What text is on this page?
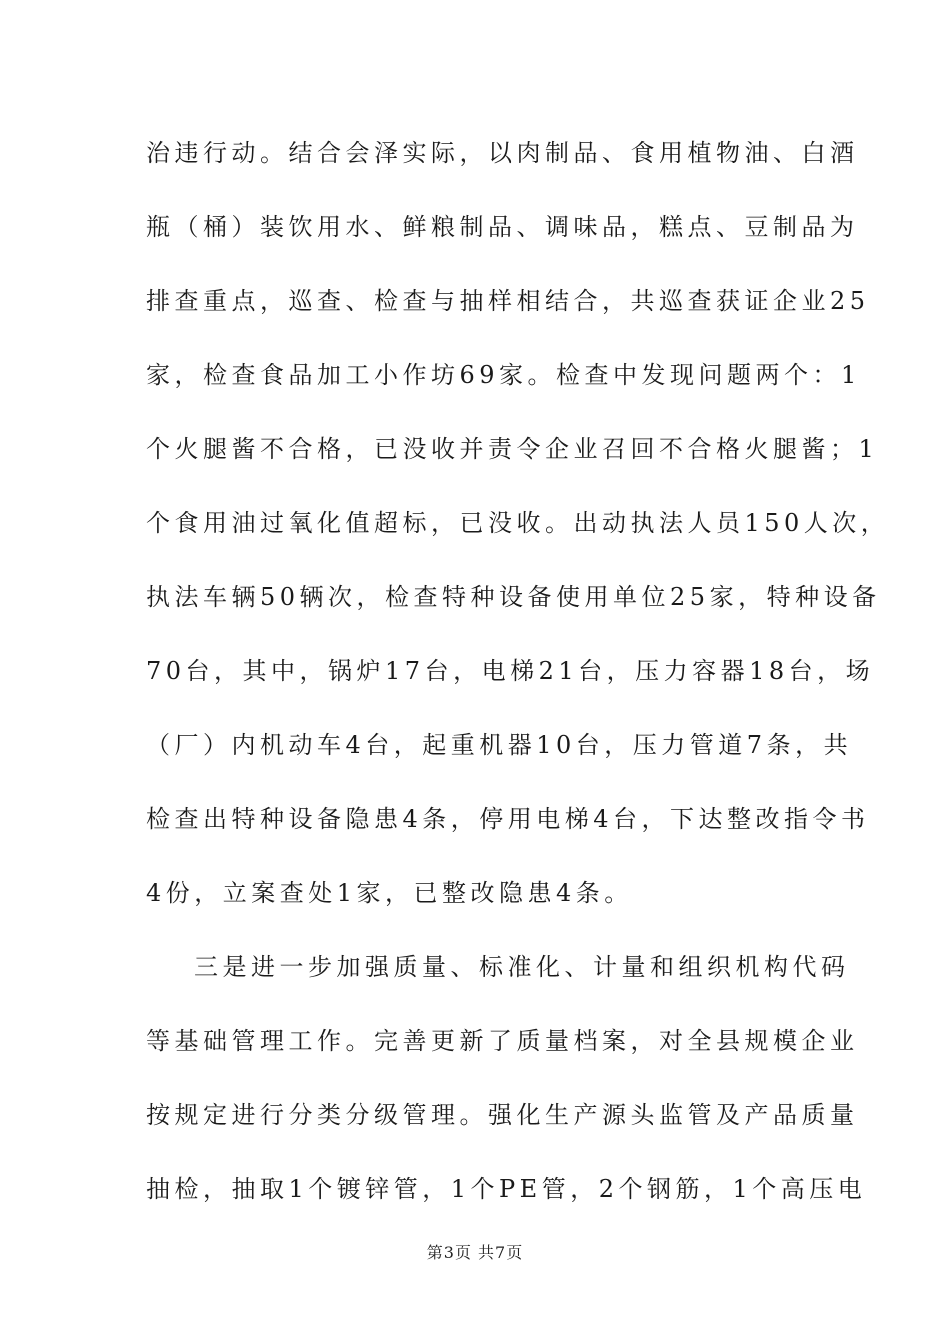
治违行动。结合会泽实际，以肉制品、食用植物油、白酒
瓶（桶）装饮用水、鲜粮制品、调味品，糕点、豆制品为
排查重点，巡查、检查与抽样相结合，共巡查获证企业25
家，检查食品加工小作坊69家。检查中发现问题两个：1
个火腿酱不合格，已没收并责令企业召回不合格火腿酱；1
个食用油过氧化值超标，已没收。出动执法人员150人次，
执法车辆50辆次，检查特种设备使用单位25家，特种设备
70台，其中，锅炉17台，电梯21台，压力容器18台，场
（厂）内机动车4台，起重机器10台，压力管道7条，共
检查出特种设备隐患4条，停用电梯4台，下达整改指令书
4份，立案查处1家，已整改隐患4条。
三是进一步加强质量、标准化、计量和组织机构代码
等基础管理工作。完善更新了质量档案，对全县规模企业
按规定进行分类分级管理。强化生产源头监管及产品质量
抽检，抽取1个镀锌管，1个PE管，2个钢筋，1个高压电
第3页 共7页
